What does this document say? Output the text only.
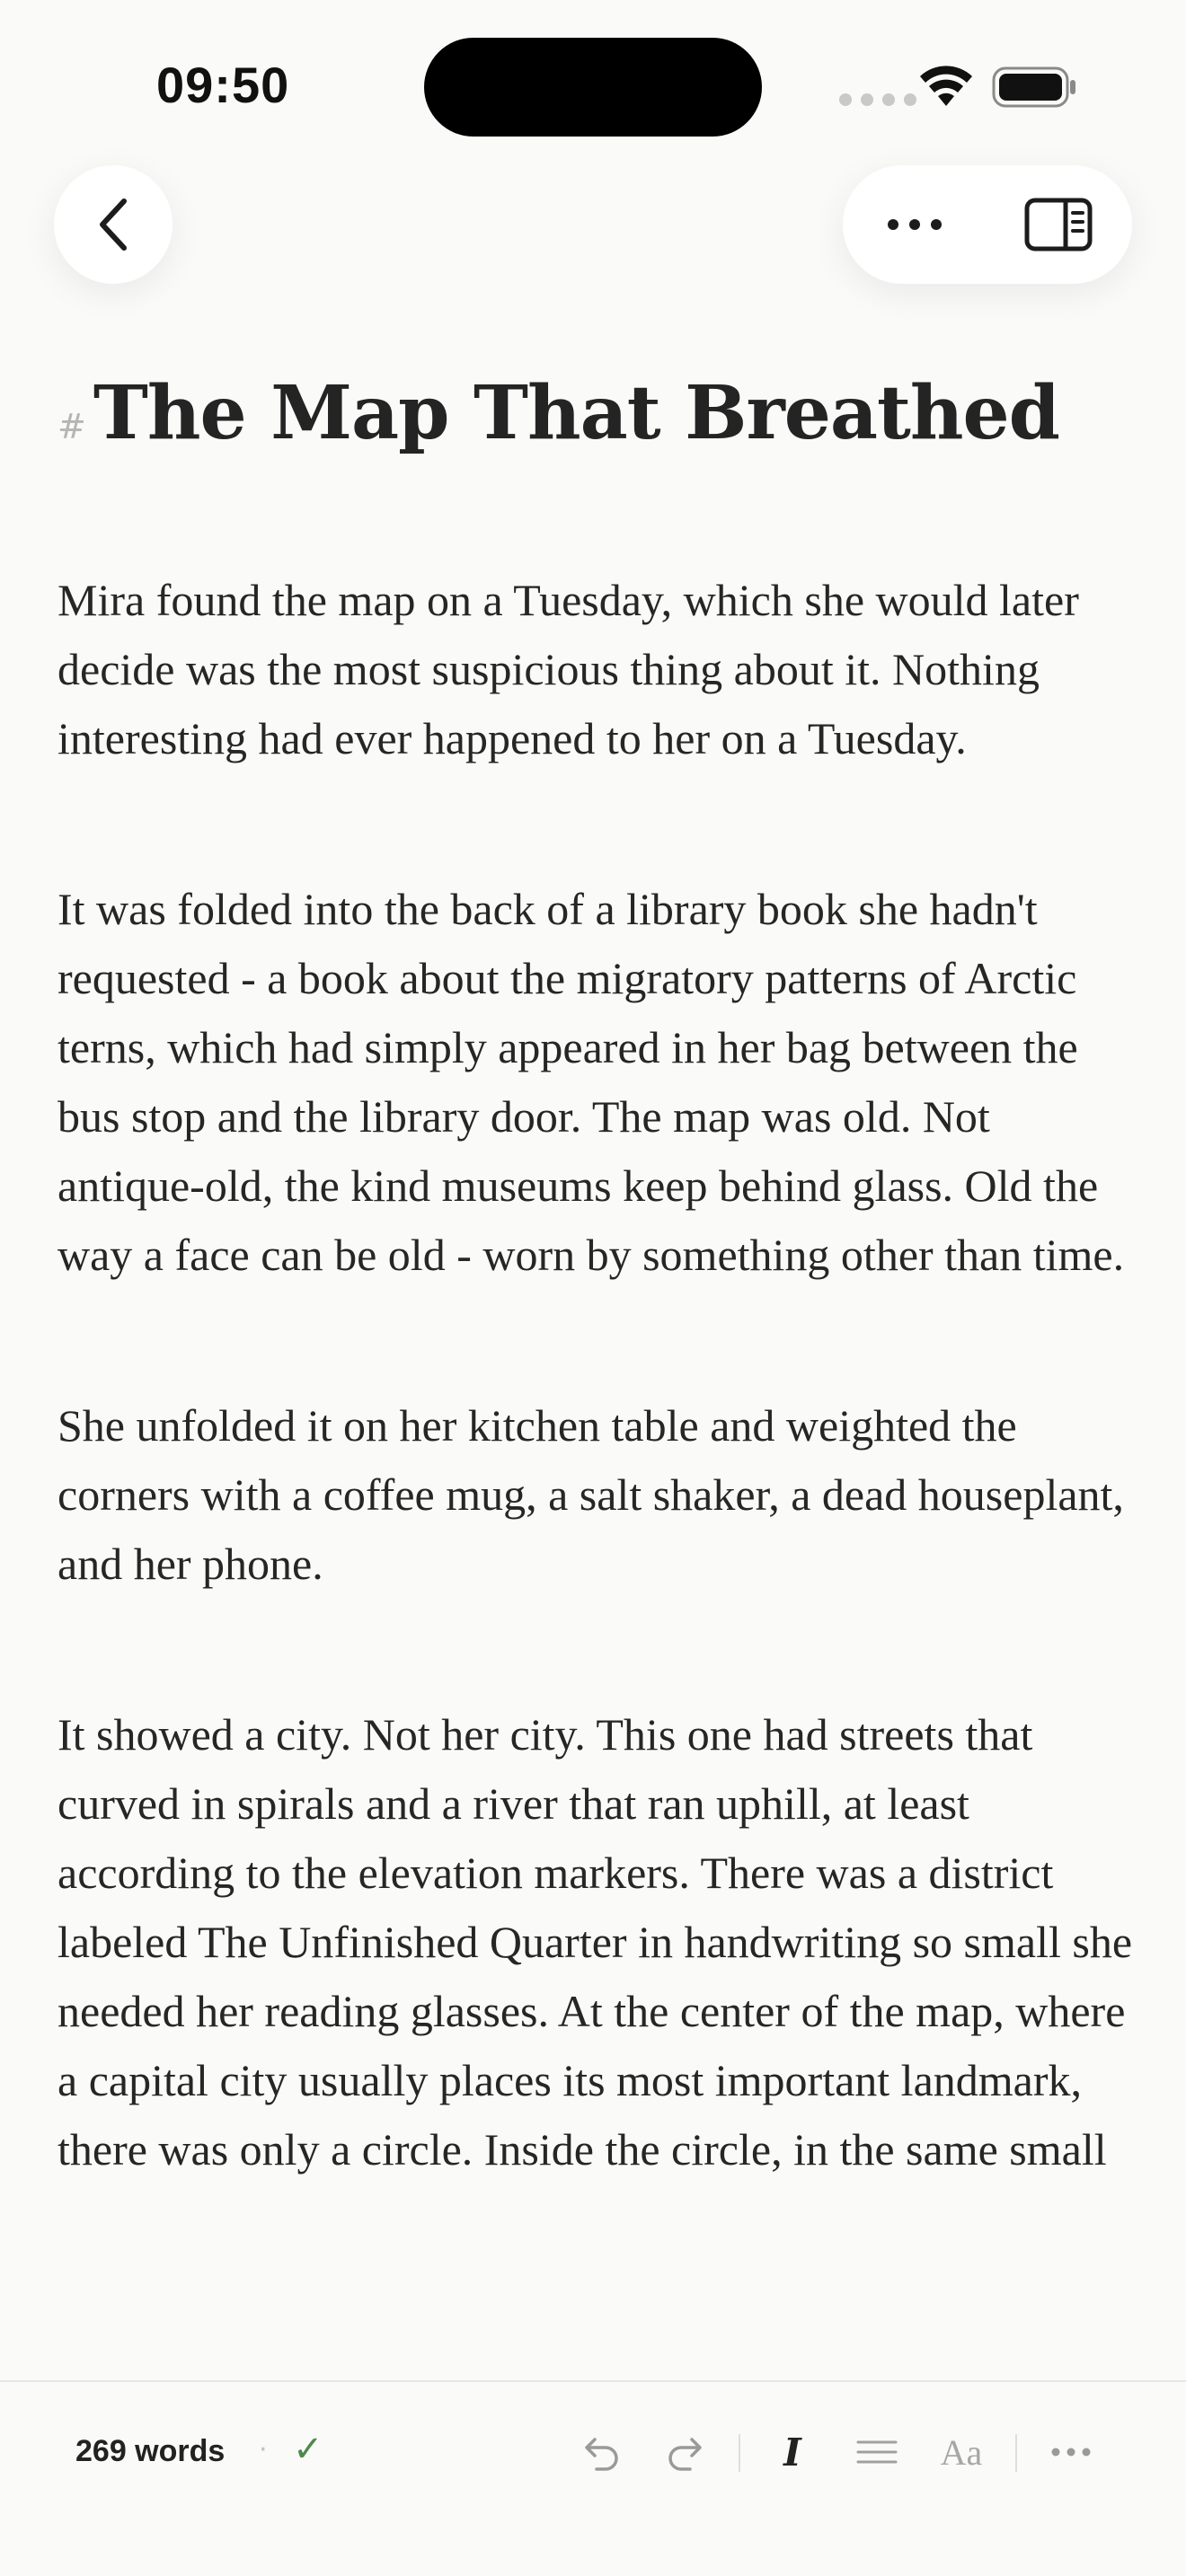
09:50
# The Map That Breathed

Mira found the map on a Tuesday, which she would later decide was the most suspicious thing about it. Nothing interesting had ever happened to her on a Tuesday.

It was folded into the back of a library book she hadn't requested - a book about the migratory patterns of Arctic terns, which had simply appeared in her bag between the bus stop and the library door. The map was old. Not antique-old, the kind museums keep behind glass. Old the way a face can be old - worn by something other than time.

She unfolded it on her kitchen table and weighted the corners with a coffee mug, a salt shaker, a dead houseplant, and her phone.

It showed a city. Not her city. This one had streets that curved in spirals and a river that ran uphill, at least according to the elevation markers. There was a district labeled The Unfinished Quarter in handwriting so small she needed her reading glasses. At the center of the map, where a capital city usually places its most important landmark, there was only a circle. Inside the circle, in the same small

269 words · ✓	I	Aa
